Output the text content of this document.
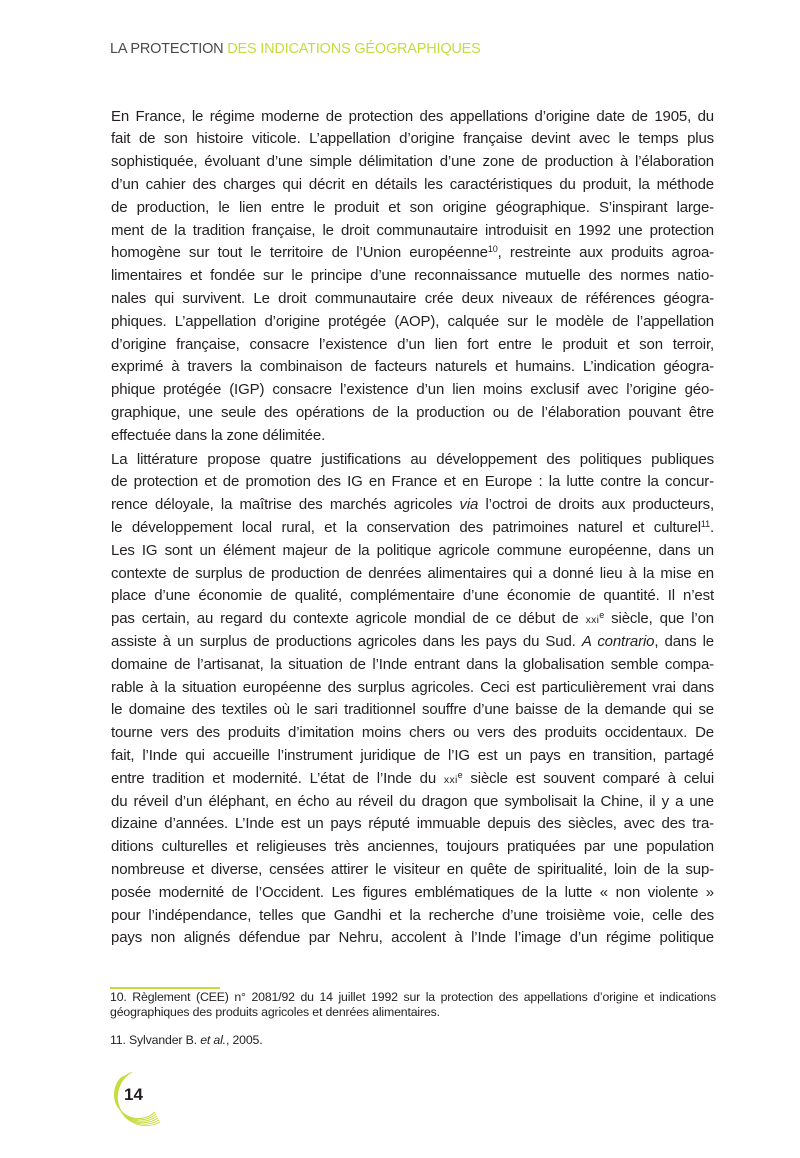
LA PROTECTION DES INDICATIONS GÉOGRAPHIQUES
En France, le régime moderne de protection des appellations d’origine date de 1905, du
fait de son histoire viticole. L’appellation d’origine française devint avec le temps plus
sophistiquée, évoluant d’une simple délimitation d’une zone de production à l’élaboration
d’un cahier des charges qui décrit en détails les caractéristiques du produit, la méthode
de production, le lien entre le produit et son origine géographique. S’inspirant large-
ment de la tradition française, le droit communautaire introduisit en 1992 une protection
homogène sur tout le territoire de l’Union européenne$^{10}$, restreinte aux produits agroa-
limentaires et fondée sur le principe d’une reconnaissance mutuelle des normes natio-
nales qui survivent. Le droit communautaire crée deux niveaux de références géogra-
phiques. L’appellation d’origine protégée (AOP), calquée sur le modèle de l’appellation
d’origine française, consacre l’existence d’un lien fort entre le produit et son terroir,
exprimé à travers la combinaison de facteurs naturels et humains. L’indication géogra-
phique protégée (IGP) consacre l’existence d’un lien moins exclusif avec l’origine géo-
graphique, une seule des opérations de la production ou de l’élaboration pouvant être
effectuée dans la zone délimitée.
La littérature propose quatre justifications au développement des politiques publiques
de protection et de promotion des IG en France et en Europe : la lutte contre la concur-
rence déloyale, la maîtrise des marchés agricoles via l’octroi de droits aux producteurs,
le développement local rural, et la conservation des patrimoines naturel et culturel$^{11}$.
Les IG sont un élément majeur de la politique agricole commune européenne, dans un
contexte de surplus de production de denrées alimentaires qui a donné lieu à la mise en
place d’une économie de qualité, complémentaire d’une économie de quantité. Il n’est
pas certain, au regard du contexte agricole mondial de ce début de xxi$^e$ siècle, que l’on
assiste à un surplus de productions agricoles dans les pays du Sud. A contrario, dans le
domaine de l’artisanat, la situation de l’Inde entrant dans la globalisation semble compa-
rable à la situation européenne des surplus agricoles. Ceci est particulièrement vrai dans
le domaine des textiles où le sari traditionnel souffre d’une baisse de la demande qui se
tourne vers des produits d’imitation moins chers ou vers des produits occidentaux. De
fait, l’Inde qui accueille l’instrument juridique de l’IG est un pays en transition, partagé
entre tradition et modernité. L’état de l’Inde du xxi$^e$ siècle est souvent comparé à celui
du réveil d’un éléphant, en écho au réveil du dragon que symbolisait la Chine, il y a une
dizaine d’années. L’Inde est un pays réputé immuable depuis des siècles, avec des tra-
ditions culturelles et religieuses très anciennes, toujours pratiquées par une population
nombreuse et diverse, censées attirer le visiteur en quête de spiritualité, loin de la sup-
posée modernité de l’Occident. Les figures emblématiques de la lutte « non violente »
pour l’indépendance, telles que Gandhi et la recherche d’une troisième voie, celle des
pays non alignés défendue par Nehru, accolent à l’Inde l’image d’un régime politique
10. Règlement (CEE) n° 2081/92 du 14 juillet 1992 sur la protection des appellations d’origine et indications
géographiques des produits agricoles et denrées alimentaires.
11. Sylvander B. et al., 2005.
14
